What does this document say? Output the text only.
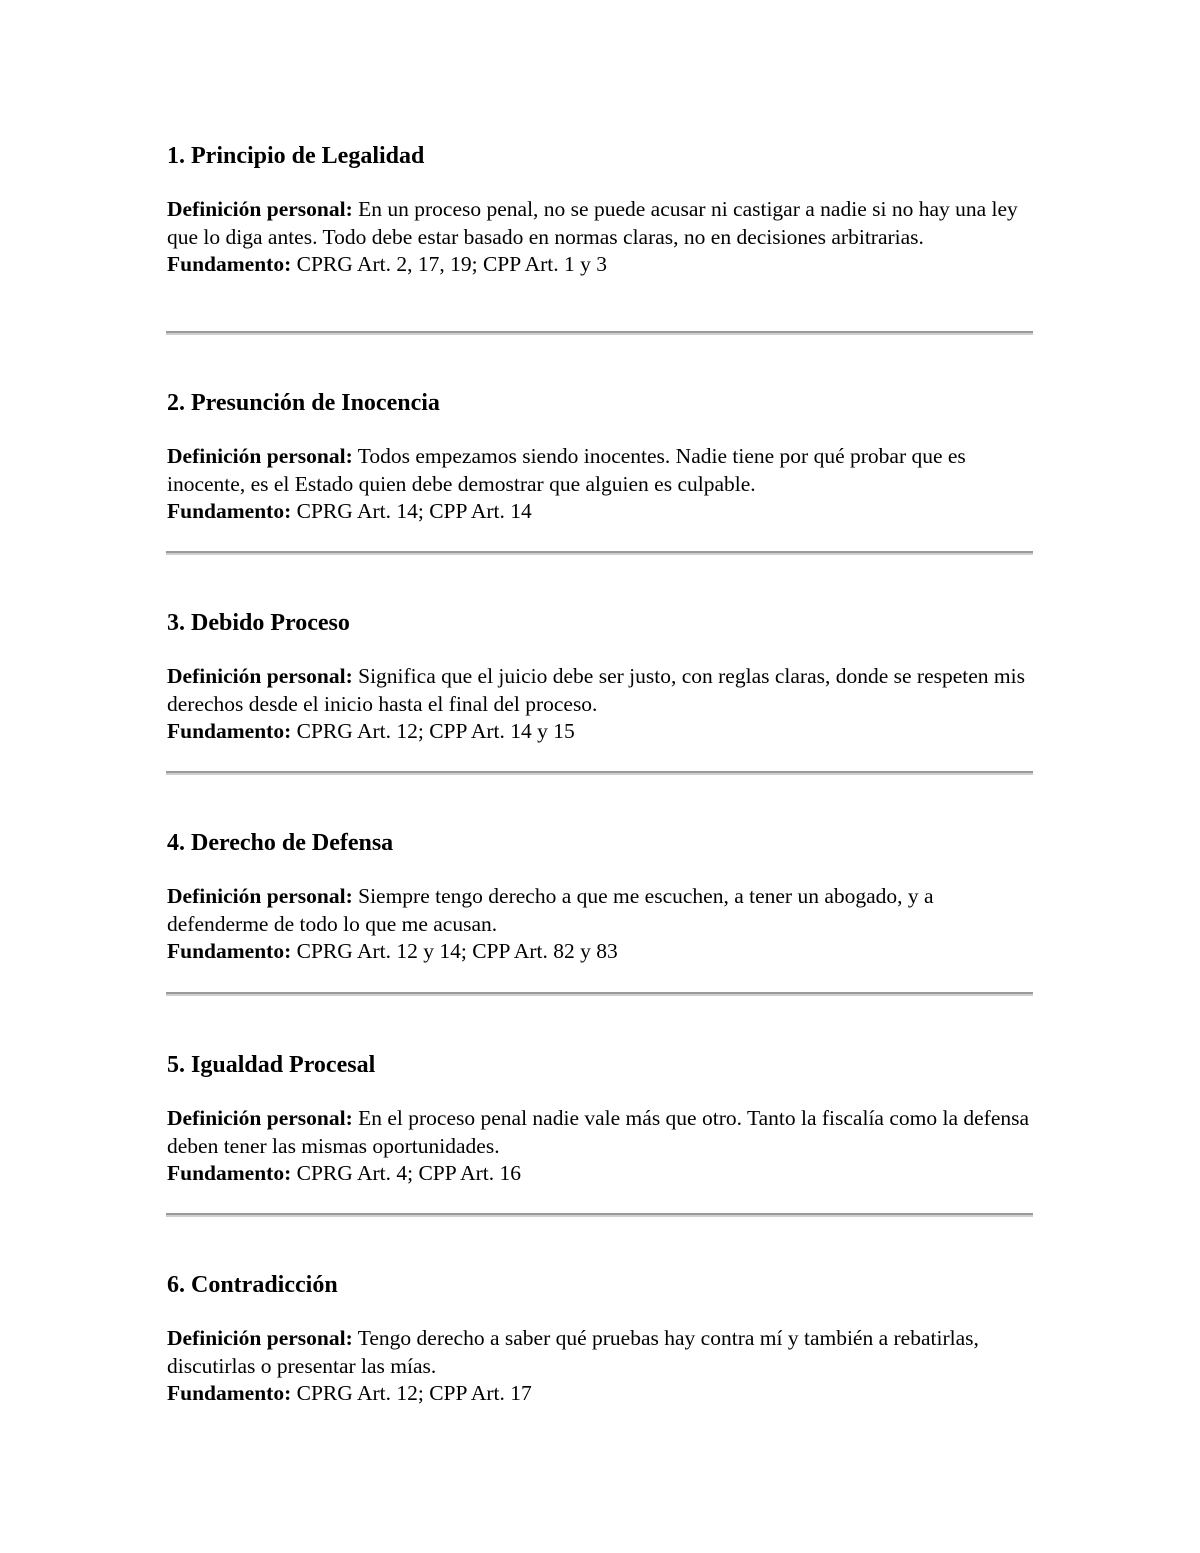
1. Principio de Legalidad

Definición personal: En un proceso penal, no se puede acusar ni castigar a nadie si no hay una ley que lo diga antes. Todo debe estar basado en normas claras, no en decisiones arbitrarias.

Fundamento: CPRG Art. 2, 17, 19; CPP Art. 1 y 3

2. Presunción de Inocencia

Definición personal: Todos empezamos siendo inocentes. Nadie tiene por qué probar que es inocente, es el Estado quien debe demostrar que alguien es culpable.

Fundamento: CPRG Art. 14; CPP Art. 14

3. Debido Proceso

Definición personal: Significa que el juicio debe ser justo, con reglas claras, donde se respeten mis derechos desde el inicio hasta el final del proceso.

Fundamento: CPRG Art. 12; CPP Art. 14 y 15

4. Derecho de Defensa

Definición personal: Siempre tengo derecho a que me escuchen, a tener un abogado, y a defenderme de todo lo que me acusan.

Fundamento: CPRG Art. 12 y 14; CPP Art. 82 y 83

5. Igualdad Procesal

Definición personal: En el proceso penal nadie vale más que otro. Tanto la fiscalía como la defensa deben tener las mismas oportunidades.

Fundamento: CPRG Art. 4; CPP Art. 16

6. Contradicción

Definición personal: Tengo derecho a saber qué pruebas hay contra mí y también a rebatirlas, discutirlas o presentar las mías.

Fundamento: CPRG Art. 12; CPP Art. 17
